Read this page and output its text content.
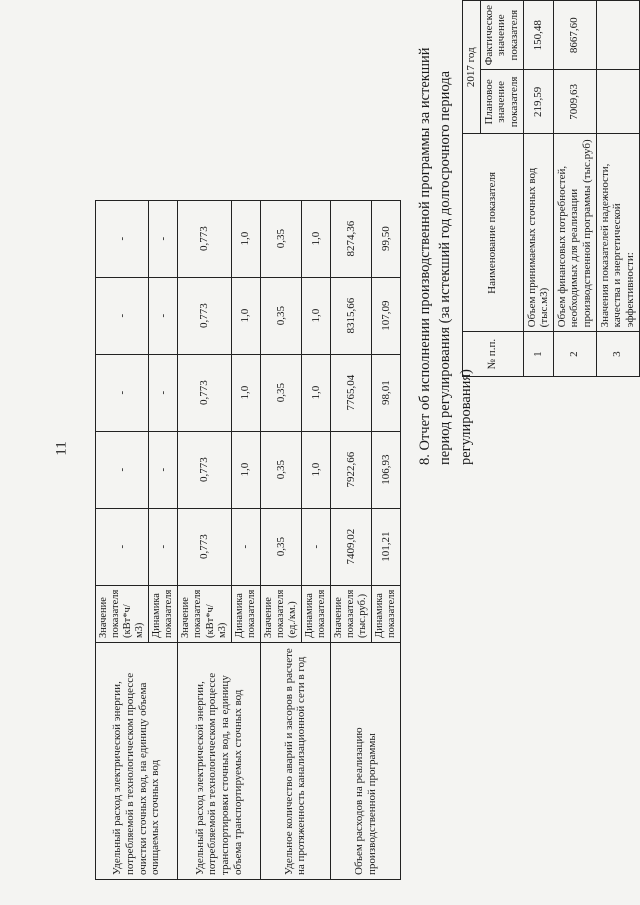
11
Удельный расход электрической энергии, потребляемой в технологическом процессе очистки сточных вод, на единицу объема очищаемых сточных вод	Значение показателя (кВт*ч/м3)	-	-	-	-	-
	Динамика показателя	-	-	-	-	-
Удельный расход электрической энергии, потребляемой в технологическом процессе транспортировки сточных вод, на единицу объема транспортируемых сточных вод	Значение показателя (кВт*ч/м3)	0,773	0,773	0,773	0,773	0,773
	Динамика показателя	-	1,0	1,0	1,0	1,0
Удельное количество аварий и засоров в расчете на протяженность канализационной сети в год	Значение показателя (ед./км.)	0,35	0,35	0,35	0,35	0,35
	Динамика показателя	-	1,0	1,0	1,0	1,0
Объем расходов на реализацию производственной программы	Значение показателя (тыс.руб.)	7409,02	7922,66	7765,04	8315,66	8274,36
	Динамика показателя	101,21	106,93	98,01	107,09	99,50 8. Отчет об исполнении производственной программы за истекший период регулирования (за истекший год долгосрочного периода регулирования)
№ п.п.	Наименование показателя	2017 год	
		Плановое значение показателя	Фактическое значение показателя
1	Объем принимаемых сточных вод (тыс.м3)	219,59	150,48
2	Объем финансовых потребностей, необходимых для реализации производственной программы (тыс.руб)	7009,63	8667,60
3	Значения показателей надежности, качества и энергетической эффективности:		
